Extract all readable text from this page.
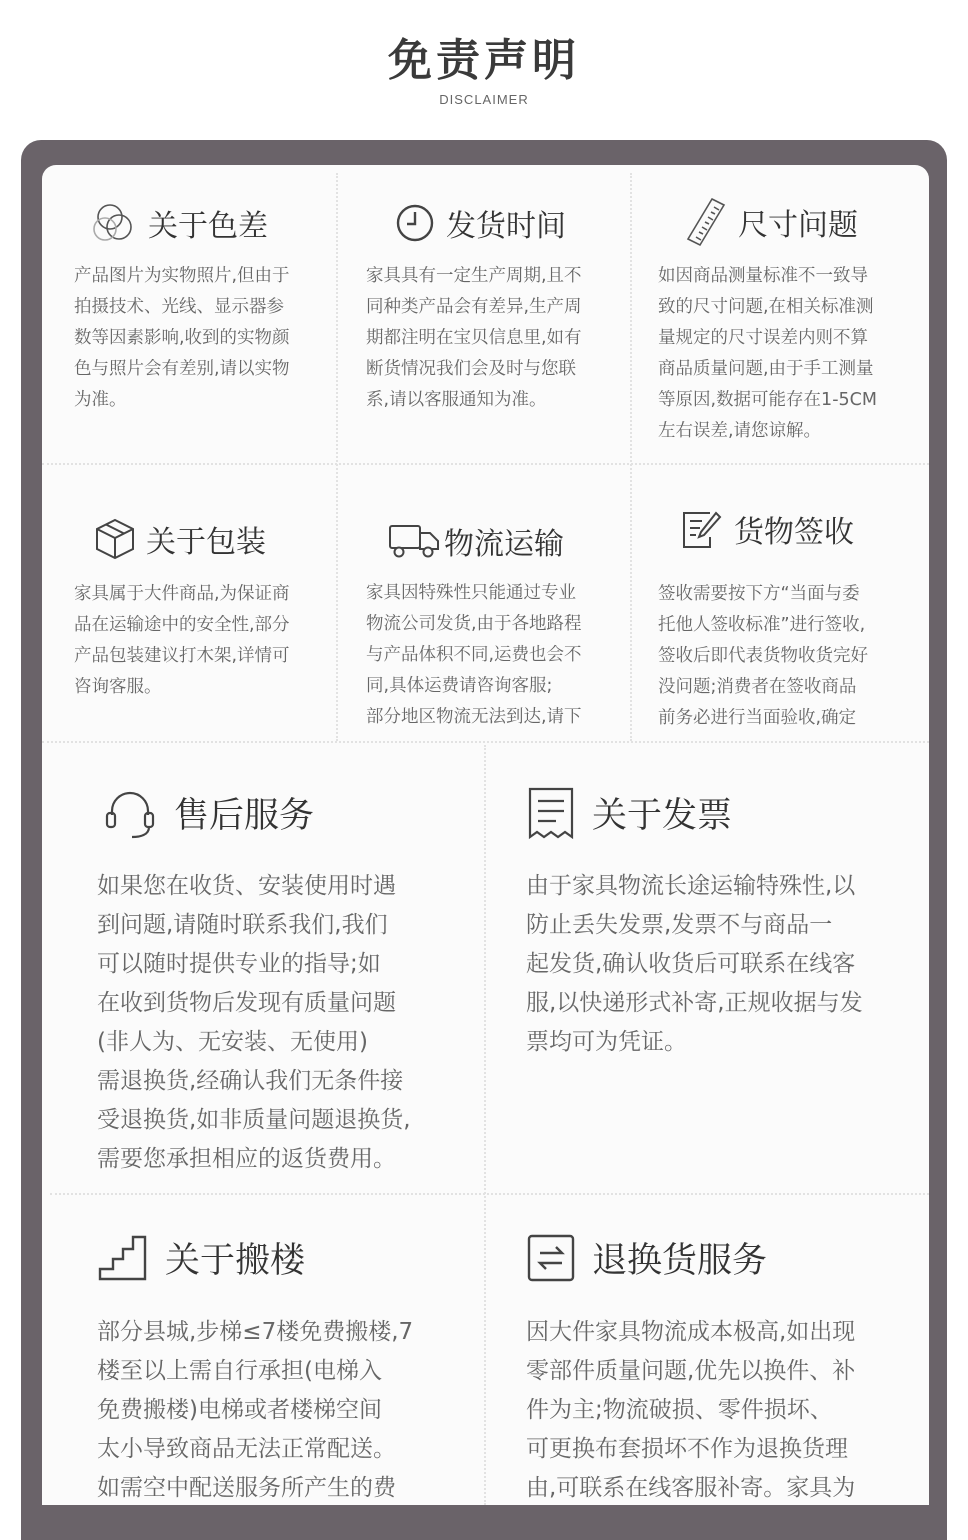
免责声明
DISCLAIMER
关于色差
产品图片为实物照片,但由于
拍摄技术、光线、显示器参
数等因素影响,收到的实物颜
色与照片会有差别,请以实物
为准。
发货时间
家具具有一定生产周期,且不
同种类产品会有差异,生产周
期都注明在宝贝信息里,如有
断货情况我们会及时与您联
系,请以客服通知为准。
尺寸问题
如因商品测量标准不一致导
致的尺寸问题,在相关标准测
量规定的尺寸误差内则不算
商品质量问题,由于手工测量
等原因,数据可能存在1-5CM
左右误差,请您谅解。
关于包装
家具属于大件商品,为保证商
品在运输途中的安全性,部分
产品包装建议打木架,详情可
咨询客服。
物流运输
家具因特殊性只能通过专业
物流公司发货,由于各地路程
与产品体积不同,运费也会不
同,具体运费请咨询客服;
部分地区物流无法到达,请下
货物签收
签收需要按下方“当面与委
托他人签收标准”进行签收,
签收后即代表货物收货完好
没问题;消费者在签收商品
前务必进行当面验收,确定
售后服务
如果您在收货、安装使用时遇
到问题,请随时联系我们,我们
可以随时提供专业的指导;如
在收到货物后发现有质量问题
(非人为、无安装、无使用)
需退换货,经确认我们无条件接
受退换货,如非质量问题退换货,
需要您承担相应的返货费用。
关于发票
由于家具物流长途运输特殊性,以
防止丢失发票,发票不与商品一
起发货,确认收货后可联系在线客
服,以快递形式补寄,正规收据与发
票均可为凭证。
关于搬楼
部分县城,步梯≤7楼免费搬楼,7
楼至以上需自行承担(电梯入
免费搬楼)电梯或者楼梯空间
太小导致商品无法正常配送。
如需空中配送服务所产生的费
退换货服务
因大件家具物流成本极高,如出现
零部件质量问题,优先以换件、补
件为主;物流破损、零件损坏、
可更换布套损坏不作为退换货理
由,可联系在线客服补寄。家具为
